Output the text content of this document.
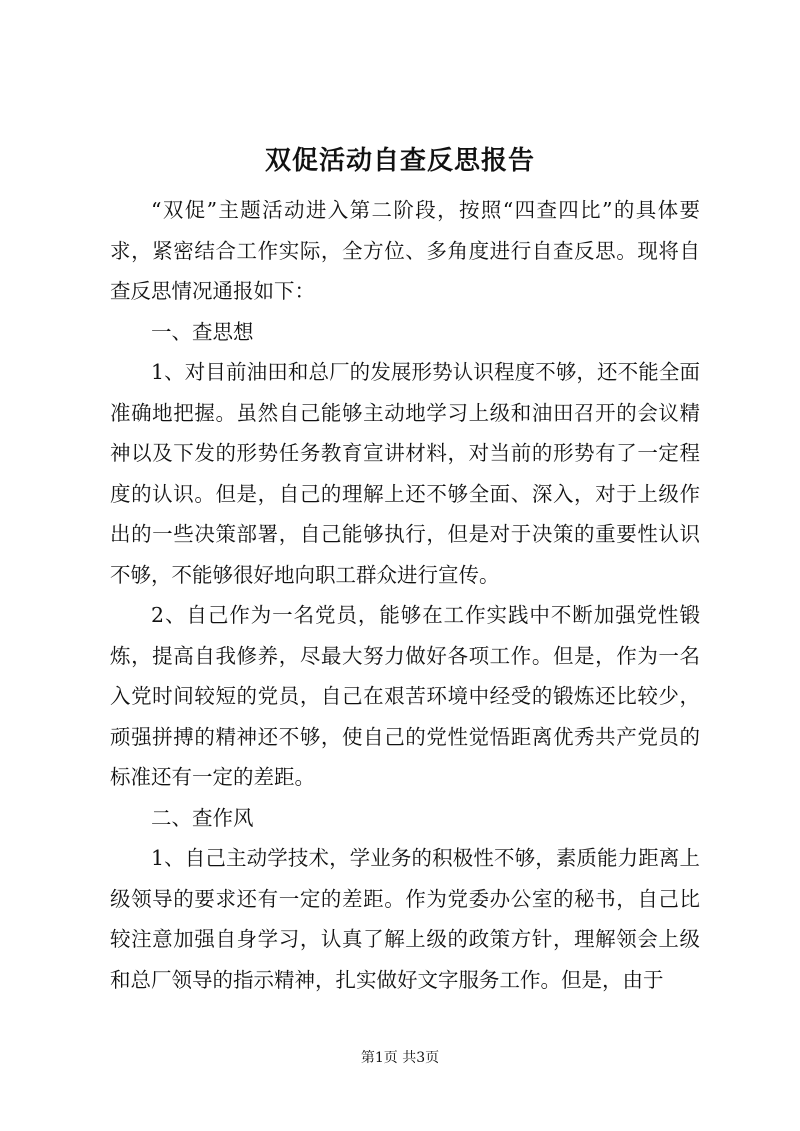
双促活动自查反思报告

“双促”主题活动进入第二阶段，按照“四查四比”的具体要求，紧密结合工作实际，全方位、多角度进行自查反思。现将自查反思情况通报如下：

一、查思想

1、对目前油田和总厂的发展形势认识程度不够，还不能全面准确地把握。虽然自己能够主动地学习上级和油田召开的会议精神以及下发的形势任务教育宣讲材料，对当前的形势有了一定程度的认识。但是，自己的理解上还不够全面、深入，对于上级作出的一些决策部署，自己能够执行，但是对于决策的重要性认识不够，不能够很好地向职工群众进行宣传。

2、自己作为一名党员，能够在工作实践中不断加强党性锻炼，提高自我修养，尽最大努力做好各项工作。但是，作为一名入党时间较短的党员，自己在艰苦环境中经受的锻炼还比较少，顽强拼搏的精神还不够，使自己的党性觉悟距离优秀共产党员的标准还有一定的差距。

二、查作风

1、自己主动学技术，学业务的积极性不够，素质能力距离上级领导的要求还有一定的差距。作为党委办公室的秘书，自己比较注意加强自身学习，认真了解上级的政策方针，理解领会上级和总厂领导的指示精神，扎实做好文字服务工作。但是，由于

第1页 共3页
